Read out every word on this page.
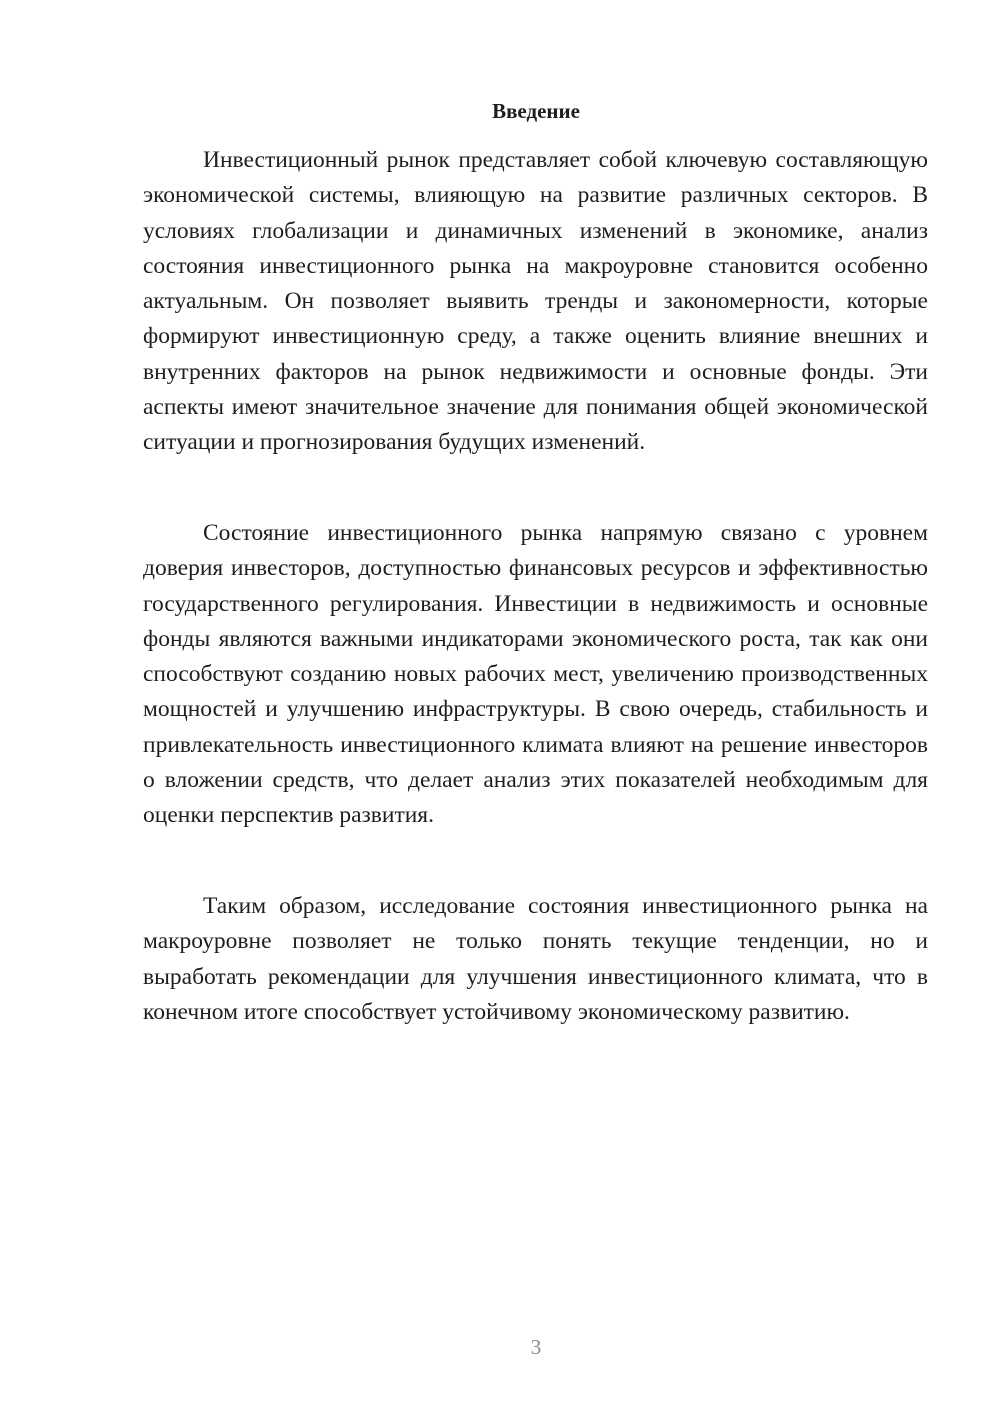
Введение

Инвестиционный рынок представляет собой ключевую составляющую экономической системы, влияющую на развитие различных секторов. В условиях глобализации и динамичных изменений в экономике, анализ состояния инвестиционного рынка на макроуровне становится особенно актуальным. Он позволяет выявить тренды и закономерности, которые формируют инвестиционную среду, а также оценить влияние внешних и внутренних факторов на рынок недвижимости и основные фонды. Эти аспекты имеют значительное значение для понимания общей экономической ситуации и прогнозирования будущих изменений.

Состояние инвестиционного рынка напрямую связано с уровнем доверия инвесторов, доступностью финансовых ресурсов и эффективностью государственного регулирования. Инвестиции в недвижимость и основные фонды являются важными индикаторами экономического роста, так как они способствуют созданию новых рабочих мест, увеличению производственных мощностей и улучшению инфраструктуры. В свою очередь, стабильность и привлекательность инвестиционного климата влияют на решение инвесторов о вложении средств, что делает анализ этих показателей необходимым для оценки перспектив развития.

Таким образом, исследование состояния инвестиционного рынка на макроуровне позволяет не только понять текущие тенденции, но и выработать рекомендации для улучшения инвестиционного климата, что в конечном итоге способствует устойчивому экономическому развитию.

3
